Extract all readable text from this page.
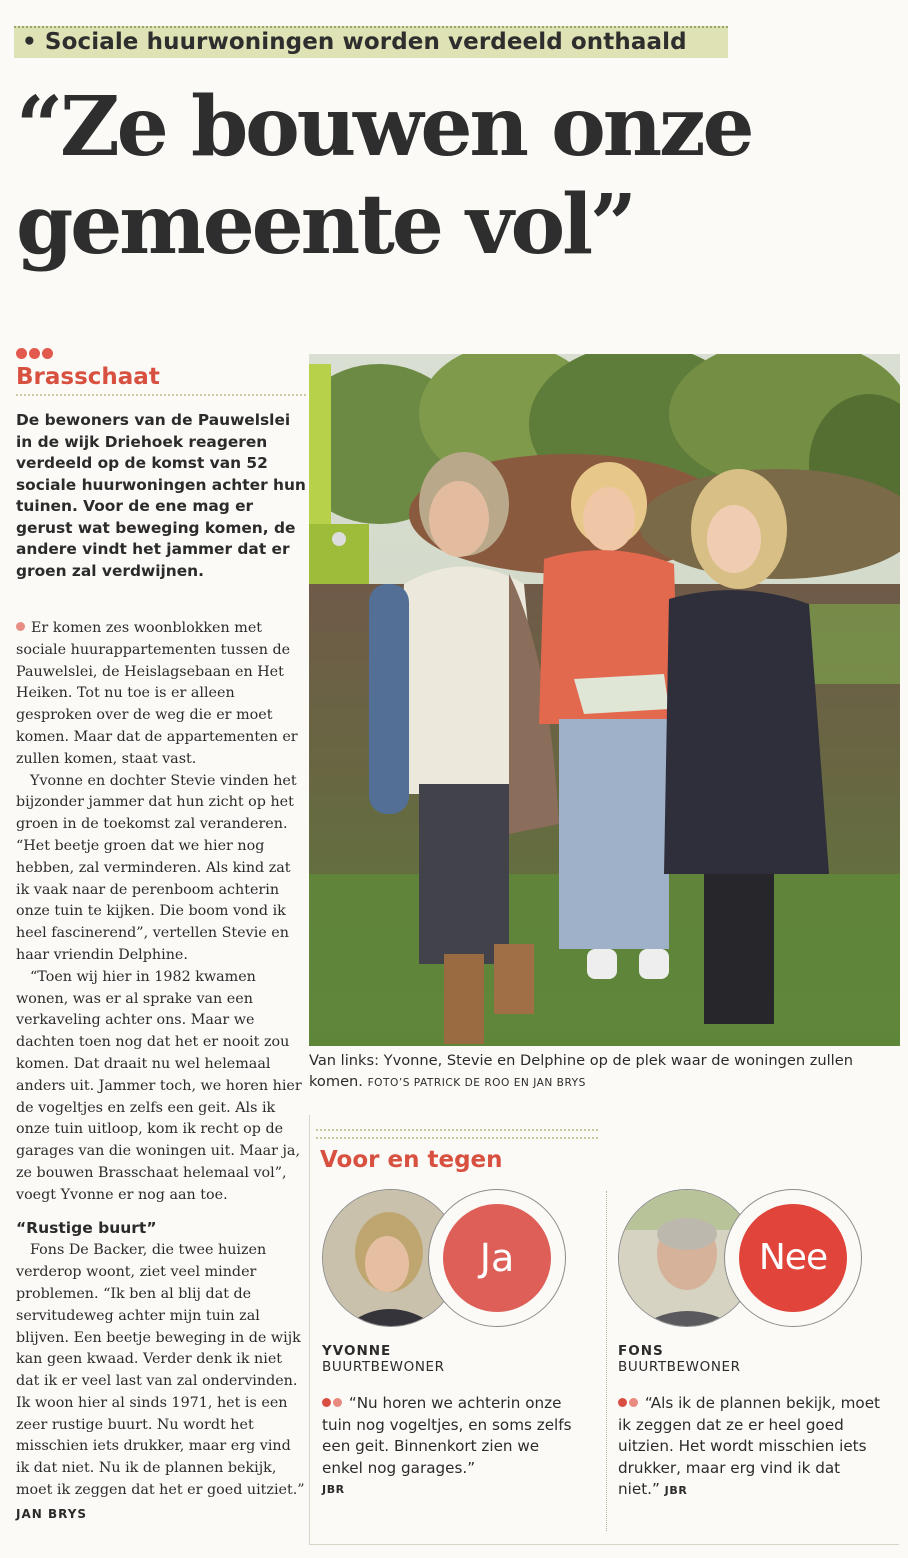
• Sociale huurwoningen worden verdeeld onthaald
“Ze bouwen onze
gemeente vol”
Brasschaat
De bewoners van de Pauwelslei in de wijk Driehoek reageren verdeeld op de komst van 52 sociale huurwoningen achter hun tuinen. Voor de ene mag er gerust wat beweging komen, de andere vindt het jammer dat er groen zal verdwijnen.

Er komen zes woonblokken met sociale huurappartementen tussen de Pauwelslei, de Heislagsebaan en Het Heiken. Tot nu toe is er alleen gesproken over de weg die er moet komen. Maar dat de appartementen er zullen komen, staat vast.

Yvonne en dochter Stevie vinden het bijzonder jammer dat hun zicht op het groen in de toekomst zal veranderen. “Het beetje groen dat we hier nog hebben, zal verminderen. Als kind zat ik vaak naar de perenboom achterin onze tuin te kijken. Die boom vond ik heel fascinerend”, vertellen Stevie en haar vriendin Delphine.

“Toen wij hier in 1982 kwamen wonen, was er al sprake van een verkaveling achter ons. Maar we dachten toen nog dat het er nooit zou komen. Dat draait nu wel helemaal anders uit. Jammer toch, we horen hier de vogeltjes en zelfs een geit. Als ik onze tuin uitloop, kom ik recht op de garages van die woningen uit. Maar ja, ze bouwen Brasschaat helemaal vol”, voegt Yvonne er nog aan toe.

“Rustige buurt”

Fons De Backer, die twee huizen verderop woont, ziet veel minder problemen. “Ik ben al blij dat de servitudeweg achter mijn tuin zal blijven. Een beetje beweging in de wijk kan geen kwaad. Verder denk ik niet dat ik er veel last van zal ondervinden. Ik woon hier al sinds 1971, het is een zeer rustige buurt. Nu wordt het misschien iets drukker, maar erg vind ik dat niet. Nu ik de plannen bekijk, moet ik zeggen dat het er goed uitziet.”

JAN BRYS
Van links: Yvonne, Stevie en Delphine op de plek waar de woningen zullen komen. FOTO’S PATRICK DE ROO EN JAN BRYS
Voor en tegen
Ja
YVONNE
BUURTBEWONER
“Nu horen we achterin onze tuin nog vogeltjes, en soms zelfs een geit. Binnenkort zien we enkel nog garages.”
JBR
Nee
FONS
BUURTBEWONER
“Als ik de plannen bekijk, moet ik zeggen dat ze er heel goed uitzien. Het wordt misschien iets drukker, maar erg vind ik dat niet.” JBR
